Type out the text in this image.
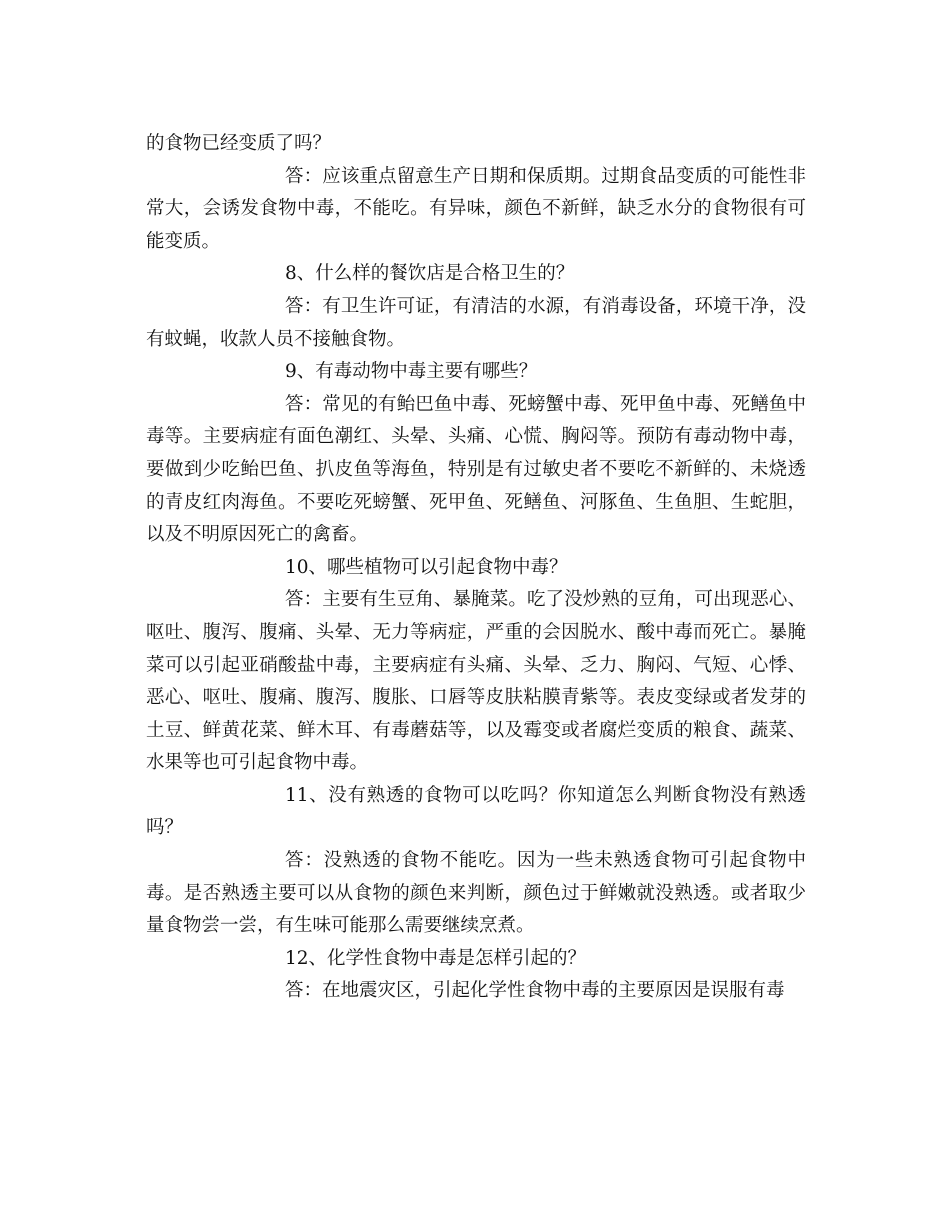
的食物已经变质了吗？

答：应该重点留意生产日期和保质期。过期食品变质的可能性非常大，会诱发食物中毒，不能吃。有异味，颜色不新鲜，缺乏水分的食物很有可能变质。

8、什么样的餐饮店是合格卫生的？

答：有卫生许可证，有清洁的水源，有消毒设备，环境干净，没有蚊蝇，收款人员不接触食物。

9、有毒动物中毒主要有哪些？

答：常见的有鲐巴鱼中毒、死螃蟹中毒、死甲鱼中毒、死鳝鱼中毒等。主要病症有面色潮红、头晕、头痛、心慌、胸闷等。预防有毒动物中毒，要做到少吃鲐巴鱼、扒皮鱼等海鱼，特别是有过敏史者不要吃不新鲜的、未烧透的青皮红肉海鱼。不要吃死螃蟹、死甲鱼、死鳝鱼、河豚鱼、生鱼胆、生蛇胆，以及不明原因死亡的禽畜。

10、哪些植物可以引起食物中毒？

答：主要有生豆角、暴腌菜。吃了没炒熟的豆角，可出现恶心、呕吐、腹泻、腹痛、头晕、无力等病症，严重的会因脱水、酸中毒而死亡。暴腌菜可以引起亚硝酸盐中毒，主要病症有头痛、头晕、乏力、胸闷、气短、心悸、恶心、呕吐、腹痛、腹泻、腹胀、口唇等皮肤粘膜青紫等。表皮变绿或者发芽的土豆、鲜黄花菜、鲜木耳、有毒蘑菇等，以及霉变或者腐烂变质的粮食、蔬菜、水果等也可引起食物中毒。

11、没有熟透的食物可以吃吗？你知道怎么判断食物没有熟透吗？

答：没熟透的食物不能吃。因为一些未熟透食物可引起食物中毒。是否熟透主要可以从食物的颜色来判断，颜色过于鲜嫩就没熟透。或者取少量食物尝一尝，有生味可能那么需要继续烹煮。

12、化学性食物中毒是怎样引起的？

答：在地震灾区，引起化学性食物中毒的主要原因是误服有毒
